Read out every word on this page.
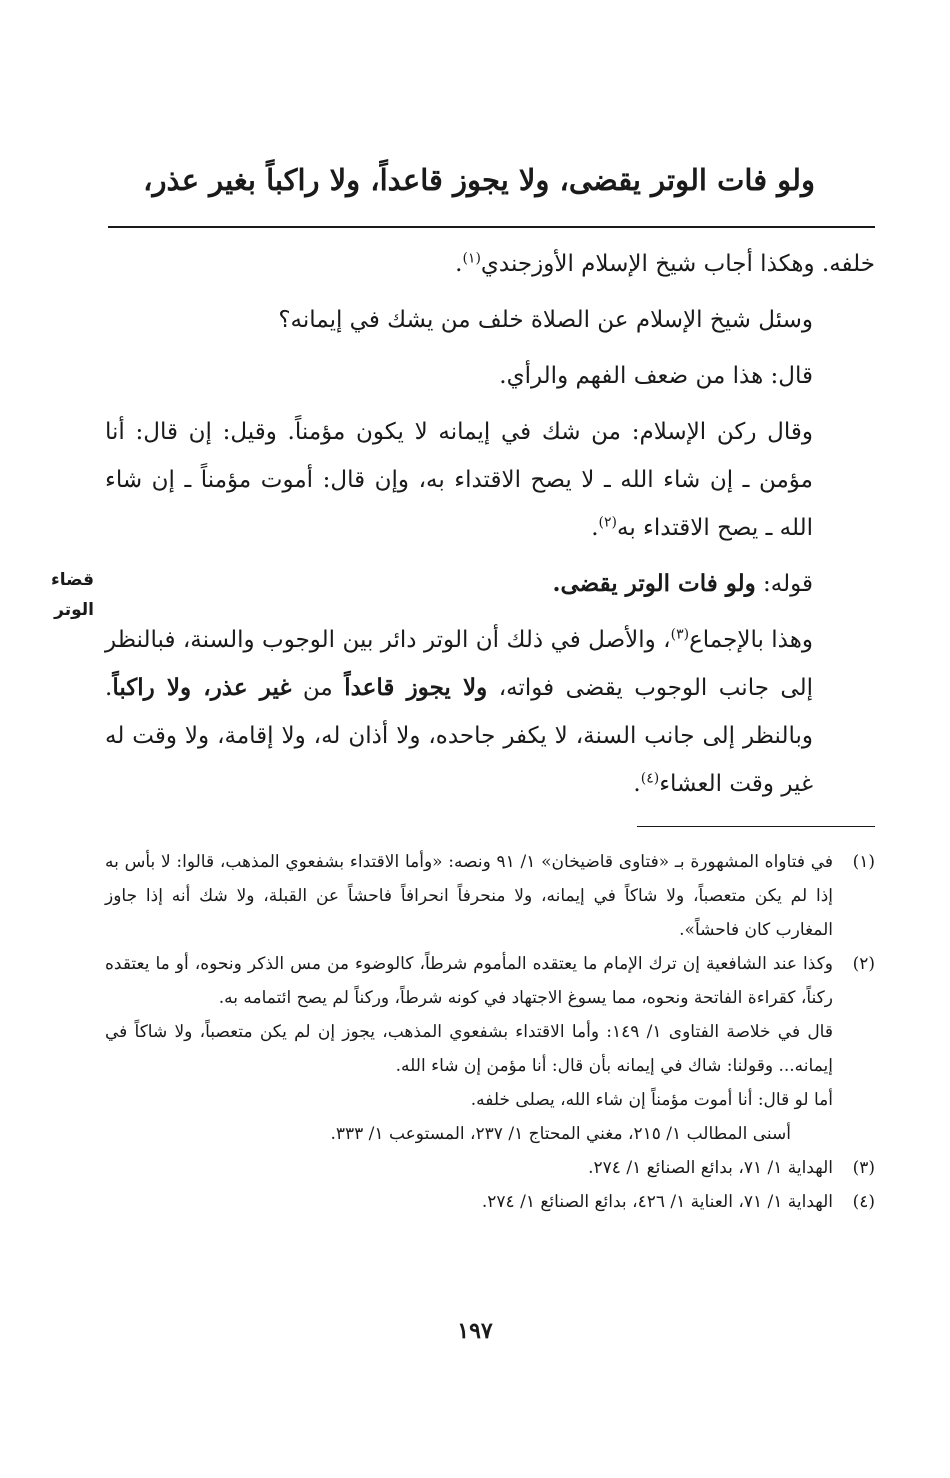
ولو فات الوتر يقضى، ولا يجوز قاعداً، ولا راكباً بغير عذر،
قضاء
الوتر

خلفه. وهكذا أجاب شيخ الإسلام الأوزجندي$^{(١)}$.

وسئل شيخ الإسلام عن الصلاة خلف من يشك في إيمانه؟

قال: هذا من ضعف الفهم والرأي.

وقال ركن الإسلام: من شك في إيمانه لا يكون مؤمناً. وقيل: إن قال: أنا مؤمن ـ إن شاء الله ـ لا يصح الاقتداء به، وإن قال: أموت مؤمناً ـ إن شاء الله ـ يصح الاقتداء به$^{(٢)}$.

قوله: ولو فات الوتر يقضى.

وهذا بالإجماع$^{(٣)}$، والأصل في ذلك أن الوتر دائر بين الوجوب والسنة، فبالنظر إلى جانب الوجوب يقضى فواته، ولا يجوز قاعداً من غير عذر، ولا راكباً. وبالنظر إلى جانب السنة، لا يكفر جاحده، ولا أذان له، ولا إقامة، ولا وقت له غير وقت العشاء$^{(٤)}$.

(١)

في فتاواه المشهورة بـ «فتاوى قاضيخان» ١/ ٩١ ونصه: «وأما الاقتداء بشفعوي المذهب، قالوا: لا بأس به إذا لم يكن متعصباً، ولا شاكاً في إيمانه، ولا منحرفاً انحرافاً فاحشاً عن القبلة، ولا شك أنه إذا جاوز المغارب كان فاحشاً».

(٢)

وكذا عند الشافعية إن ترك الإمام ما يعتقده المأموم شرطاً، كالوضوء من مس الذكر ونحوه، أو ما يعتقده ركناً، كقراءة الفاتحة ونحوه، مما يسوغ الاجتهاد في كونه شرطاً، وركناً لم يصح ائتمامه به.

قال في خلاصة الفتاوى ١/ ١٤٩: وأما الاقتداء بشفعوي المذهب، يجوز إن لم يكن متعصباً، ولا شاكاً في إيمانه... وقولنا: شاك في إيمانه بأن قال: أنا مؤمن إن شاء الله.

أما لو قال: أنا أموت مؤمناً إن شاء الله، يصلى خلفه.

أسنى المطالب ١/ ٢١٥، مغني المحتاج ١/ ٢٣٧، المستوعب ١/ ٣٣٣.

(٣)

الهداية ١/ ٧١، بدائع الصنائع ١/ ٢٧٤.

(٤)

الهداية ١/ ٧١، العناية ١/ ٤٢٦، بدائع الصنائع ١/ ٢٧٤.

١٩٧
